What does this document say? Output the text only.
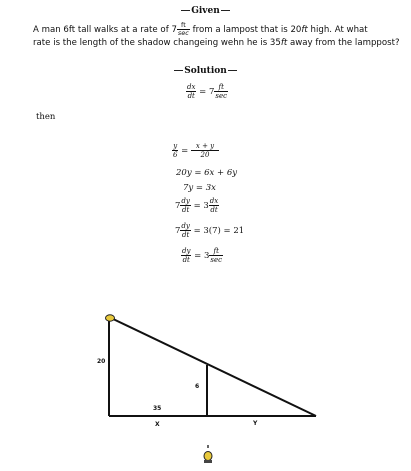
Given
A man 6ft tall walks at a rate of $7 \frac{ft}{\sec}$ from a lampost that is 20ft high. At what
rate is the length of the shadow changeing wehn he is 35ft away from the lamppost?
Solution
$\frac{dx}{dt} = 7 \frac{ft}{\sec}$
then
$\frac{y}{6} = \frac{x + y}{20}$
20y = 6x + 6y
7y = 3x
$7 \frac{dy}{dt} = 3 \frac{dx}{dt}$
$7 \frac{dy}{dt} = 3(7) = 21$
$\frac{dy}{dt} = 3 \frac{ft}{\sec}$
20
6
35
X	Y
